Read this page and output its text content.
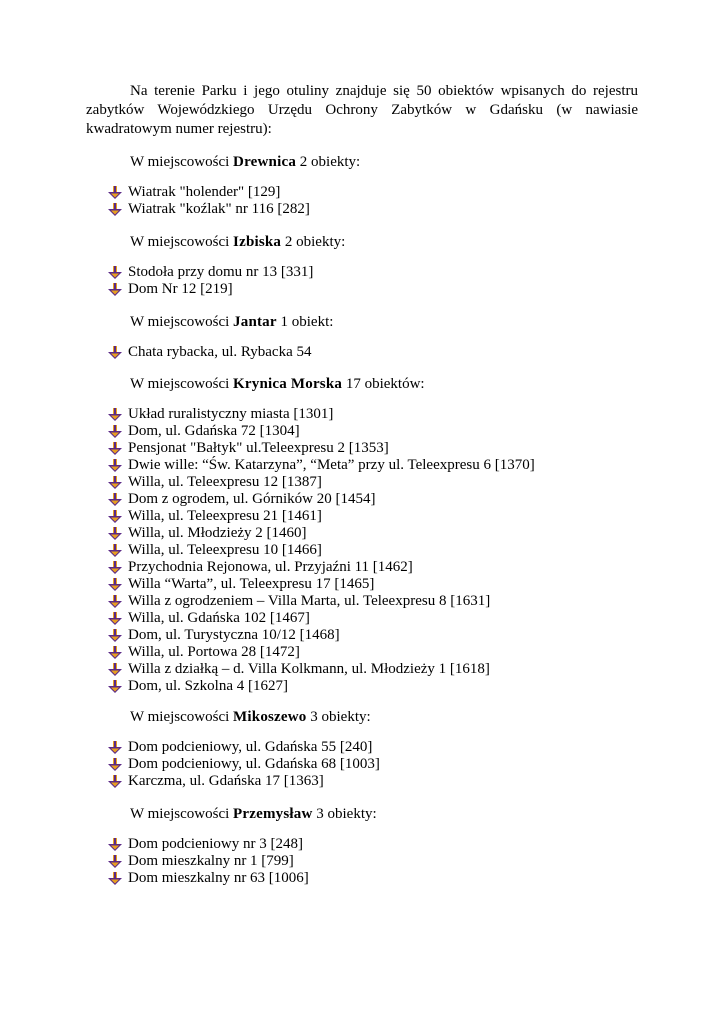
Na terenie Parku i jego otuliny znajduje się 50 obiektów wpisanych do rejestru zabytków Wojewódzkiego Urzędu Ochrony Zabytków w Gdańsku (w nawiasie kwadratowym numer rejestru):

W miejscowości Drewnica 2 obiekty:

Wiatrak "holender" [129]
Wiatrak "koźlak" nr 116 [282]

W miejscowości Izbiska 2 obiekty:

Stodoła przy domu nr 13 [331]
Dom Nr 12 [219]

W miejscowości Jantar 1 obiekt:

Chata rybacka, ul. Rybacka 54

W miejscowości Krynica Morska 17 obiektów:

Układ ruralistyczny miasta [1301]
Dom, ul. Gdańska 72 [1304]
Pensjonat "Bałtyk" ul.Teleexpresu 2 [1353]
Dwie wille: “Św. Katarzyna”, “Meta” przy ul. Teleexpresu 6 [1370]
Willa, ul. Teleexpresu 12 [1387]
Dom z ogrodem, ul. Górników 20 [1454]
Willa, ul. Teleexpresu 21 [1461]
Willa, ul. Młodzieży 2 [1460]
Willa, ul. Teleexpresu 10 [1466]
Przychodnia Rejonowa, ul. Przyjaźni 11 [1462]
Willa “Warta”, ul. Teleexpresu 17 [1465]
Willa z ogrodzeniem – Villa Marta, ul. Teleexpresu 8 [1631]
Willa, ul. Gdańska 102 [1467]
Dom, ul. Turystyczna 10/12 [1468]
Willa, ul. Portowa 28 [1472]
Willa z działką – d. Villa Kolkmann, ul. Młodzieży 1 [1618]
Dom, ul. Szkolna 4 [1627]

W miejscowości Mikoszewo 3 obiekty:

Dom podcieniowy, ul. Gdańska 55 [240]
Dom podcieniowy, ul. Gdańska 68 [1003]
Karczma, ul. Gdańska 17 [1363]

W miejscowości Przemysław 3 obiekty:

Dom podcieniowy nr 3 [248]
Dom mieszkalny nr 1 [799]
Dom mieszkalny nr 63 [1006]
